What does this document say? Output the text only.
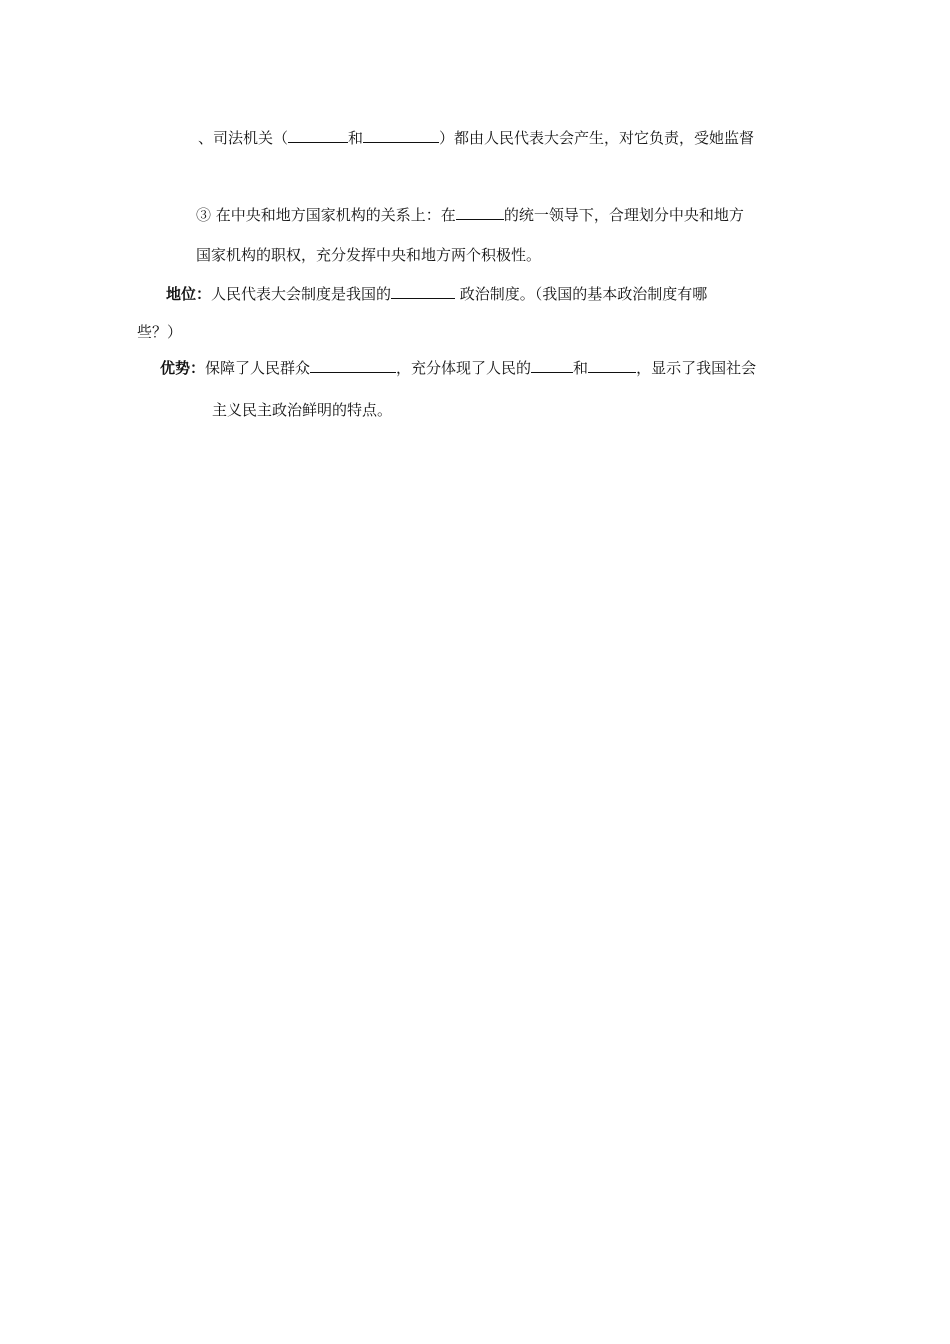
、司法机关（	和	）都由人民代表大会产生，对它负责，受她监督
③ 在中央和地方国家机构的关系上：在	的统一领导下，合理划分中央和地方
国家机构的职权，充分发挥中央和地方两个积极性。
地位：人民代表大会制度是我国的	政治制度。（我国的基本政治制度有哪
些？）
优势：保障了人民群众	，充分体现了人民的	和	，显示了我国社会
主义民主政治鲜明的特点。
